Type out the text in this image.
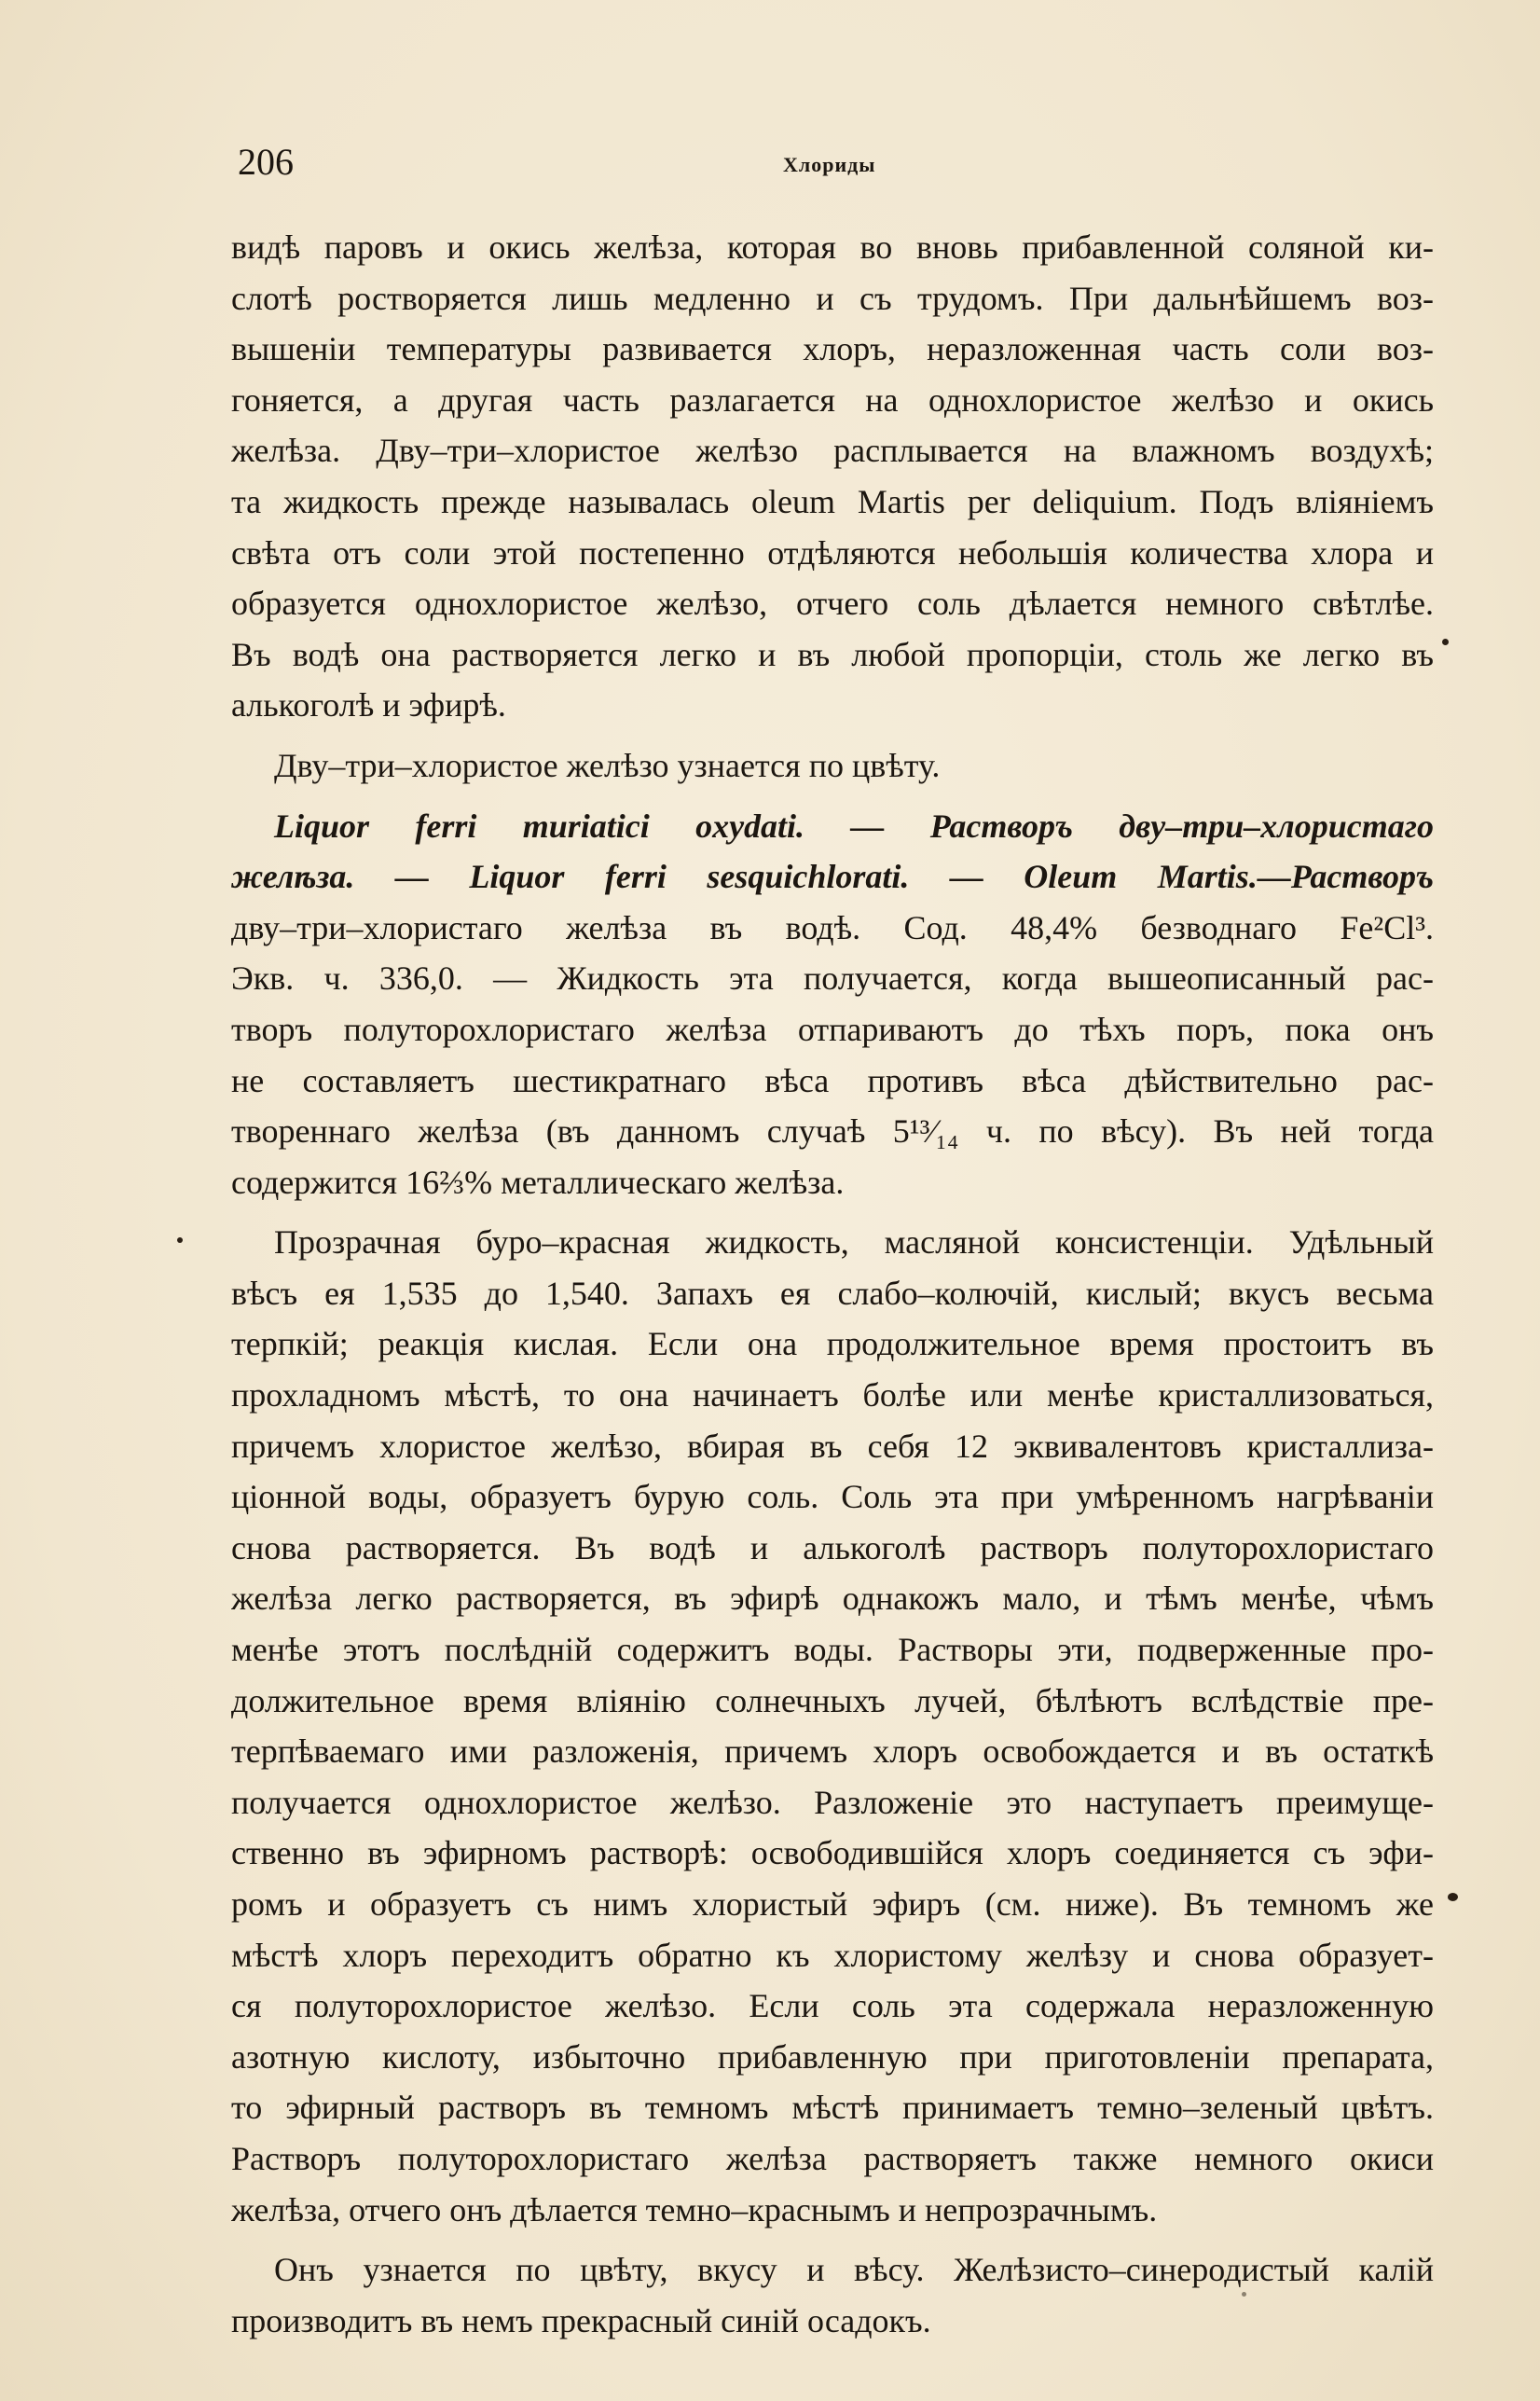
206	Хлориды
видѣ паровъ и окись желѣза, которая во вновь прибавленной соляной ки-
слотѣ ростворяется лишь медленно и съ трудомъ. При дальнѣйшемъ воз-
вышеніи температуры развивается хлоръ, неразложенная часть соли воз-
гоняется, а другая часть разлагается на однохлористое желѣзо и окись
желѣза. Дву–три–хлористое желѣзо расплывается на влажномъ воздухѣ;
та жидкость прежде называлась oleum Martis per deliquium. Подъ вліяніемъ
свѣта отъ соли этой постепенно отдѣляются небольшія количества хлора и
образуется однохлористое желѣзо, отчего соль дѣлается немного свѣтлѣе.
Въ водѣ она растворяется легко и въ любой пропорціи, столь же легко въ
алькоголѣ и эфирѣ.
Дву–три–хлористое желѣзо узнается по цвѣту.
Liquor ferri muriatici oxydati. — Растворъ дву–три–хлористаго
желѣза. — Liquor ferri sesquichlorati. — Oleum Martis.—Растворъ
дву–три–хлористаго желѣза въ водѣ. Сод. 48,4% безводнаго Fe²Cl³.
Экв. ч. 336,0. — Жидкость эта получается, когда вышеописанный рас-
творъ полуторохлористаго желѣза отпариваютъ до тѣхъ поръ, пока онъ
не составляетъ шестикратнаго вѣса противъ вѣса дѣйствительно рас-
твореннаго желѣза (въ данномъ случаѣ 5¹³⁄₁₄ ч. по вѣсу). Въ ней тогда
содержится 16⅔% металлическаго желѣза.
Прозрачная буро–красная жидкость, масляной консистенціи. Удѣльный
вѣсъ ея 1,535 до 1,540. Запахъ ея слабо–колючій, кислый; вкусъ весьма
терпкій; реакція кислая. Если она продолжительное время простоитъ въ
прохладномъ мѣстѣ, то она начинаетъ болѣе или менѣе кристаллизоваться,
причемъ хлористое желѣзо, вбирая въ себя 12 эквивалентовъ кристаллиза-
ціонной воды, образуетъ бурую соль. Соль эта при умѣренномъ нагрѣваніи
снова растворяется. Въ водѣ и алькоголѣ растворъ полуторохлористаго
желѣза легко растворяется, въ эфирѣ однакожъ мало, и тѣмъ менѣе, чѣмъ
менѣе этотъ послѣдній содержитъ воды. Растворы эти, подверженные про-
должительное время вліянію солнечныхъ лучей, бѣлѣютъ вслѣдствіе пре-
терпѣваемаго ими разложенія, причемъ хлоръ освобождается и въ остаткѣ
получается однохлористое желѣзо. Разложеніе это наступаетъ преимуще-
ственно въ эфирномъ растворѣ: освободившійся хлоръ соединяется съ эфи-
ромъ и образуетъ съ нимъ хлористый эфиръ (см. ниже). Въ темномъ же
мѣстѣ хлоръ переходитъ обратно къ хлористому желѣзу и снова образует-
ся полуторохлористое желѣзо. Если соль эта содержала неразложенную
азотную кислоту, избыточно прибавленную при приготовленіи препарата,
то эфирный растворъ въ темномъ мѣстѣ принимаетъ темно–зеленый цвѣтъ.
Растворъ полуторохлористаго желѣза растворяетъ также немного окиси
желѣза, отчего онъ дѣлается темно–краснымъ и непрозрачнымъ.
Онъ узнается по цвѣту, вкусу и вѣсу. Желѣзисто–синеродистый калій
производитъ въ немъ прекрасный синій осадокъ.
